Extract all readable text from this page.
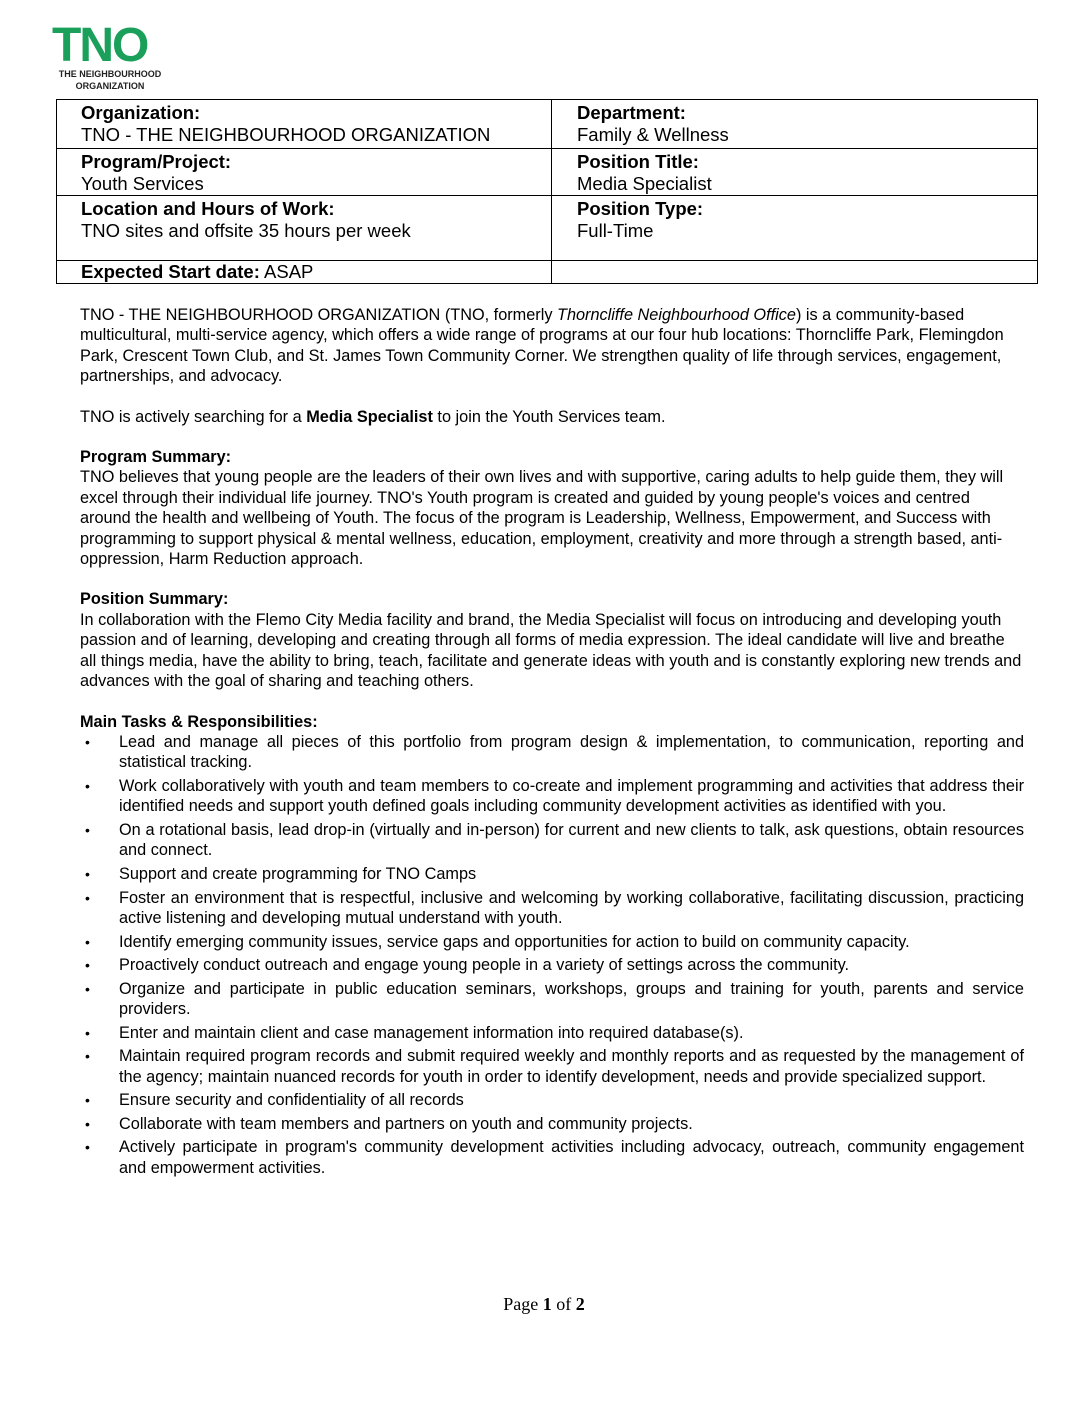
TNO
THE NEIGHBOURHOOD
ORGANIZATION
Organization:
TNO - THE NEIGHBOURHOOD ORGANIZATION	Department:
Family & Wellness

Program/Project:
Youth Services	Position Title:
Media Specialist

Location and Hours of Work:
TNO sites and offsite 35 hours per week	Position Type:
Full-Time
Expected Start date: ASAP	

TNO - THE NEIGHBOURHOOD ORGANIZATION (TNO, formerly Thorncliffe Neighbourhood Office) is a community-based multicultural, multi-service agency, which offers a wide range of programs at our four hub locations: Thorncliffe Park, Flemingdon Park, Crescent Town Club, and St. James Town Community Corner. We strengthen quality of life through services, engagement, partnerships, and advocacy.

TNO is actively searching for a Media Specialist to join the Youth Services team.

Program Summary:

TNO believes that young people are the leaders of their own lives and with supportive, caring adults to help guide them, they will excel through their individual life journey. TNO's Youth program is created and guided by young people's voices and centred around the health and wellbeing of Youth. The focus of the program is Leadership, Wellness, Empowerment, and Success with programming to support physical & mental wellness, education, employment, creativity and more through a strength based, anti-oppression, Harm Reduction approach.

Position Summary:

In collaboration with the Flemo City Media facility and brand, the Media Specialist will focus on introducing and developing youth passion and of learning, developing and creating through all forms of media expression. The ideal candidate will live and breathe all things media, have the ability to bring, teach, facilitate and generate ideas with youth and is constantly exploring new trends and advances with the goal of sharing and teaching others.

Main Tasks & Responsibilities:

• Lead and manage all pieces of this portfolio from program design & implementation, to communication, reporting and statistical tracking.
• Work collaboratively with youth and team members to co-create and implement programming and activities that address their identified needs and support youth defined goals including community development activities as identified with you.
• On a rotational basis, lead drop-in (virtually and in-person) for current and new clients to talk, ask questions, obtain resources and connect.
• Support and create programming for TNO Camps
• Foster an environment that is respectful, inclusive and welcoming by working collaborative, facilitating discussion, practicing active listening and developing mutual understand with youth.
• Identify emerging community issues, service gaps and opportunities for action to build on community capacity.
• Proactively conduct outreach and engage young people in a variety of settings across the community.
• Organize and participate in public education seminars, workshops, groups and training for youth, parents and service providers.
• Enter and maintain client and case management information into required database(s).
• Maintain required program records and submit required weekly and monthly reports and as requested by the management of the agency; maintain nuanced records for youth in order to identify development, needs and provide specialized support.
• Ensure security and confidentiality of all records
• Collaborate with team members and partners on youth and community projects.
• Actively participate in program's community development activities including advocacy, outreach, community engagement and empowerment activities.
Page 1 of 2
